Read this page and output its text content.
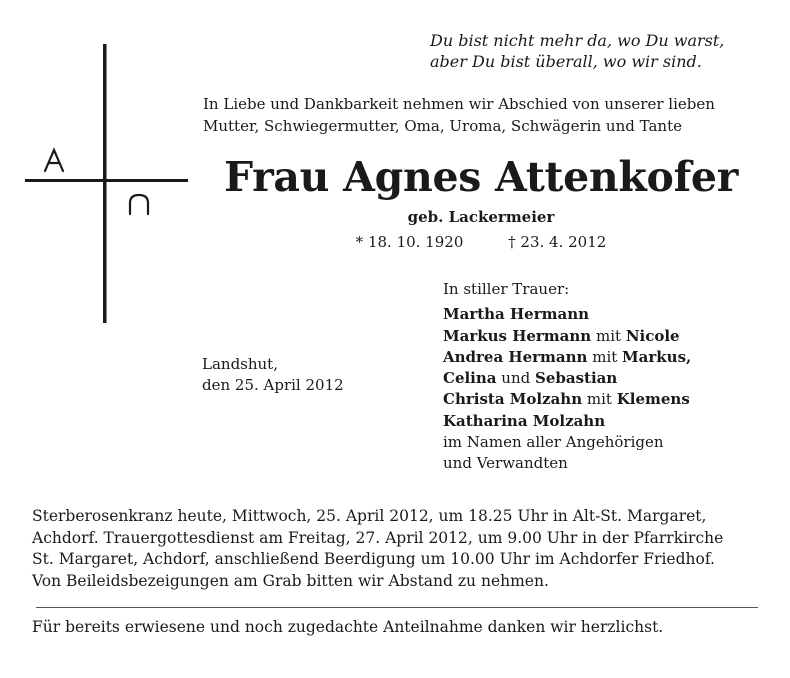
Du bist nicht mehr da, wo Du warst,
aber Du bist überall, wo wir sind.
In Liebe und Dankbarkeit nehmen wir Abschied von unserer lieben
Mutter, Schwiegermutter, Oma, Uroma, Schwägerin und Tante
Frau Agnes Attenkofer
geb. Lackermeier
* 18. 10. 1920	† 23. 4. 2012
Landshut,
den 25. April 2012
In stiller Trauer:
Martha Hermann
Markus Hermann mit Nicole
Andrea Hermann mit Markus,
Celina und Sebastian
Christa Molzahn mit Klemens
Katharina Molzahn
im Namen aller Angehörigen
und Verwandten
Sterberosenkranz heute, Mittwoch, 25. April 2012, um 18.25 Uhr in Alt-St. Margaret,
Achdorf. Trauergottesdienst am Freitag, 27. April 2012, um 9.00 Uhr in der Pfarrkirche
St. Margaret, Achdorf, anschließend Beerdigung um 10.00 Uhr im Achdorfer Friedhof.
Von Beileidsbezeigungen am Grab bitten wir Abstand zu nehmen.
Für bereits erwiesene und noch zugedachte Anteilnahme danken wir herzlichst.
